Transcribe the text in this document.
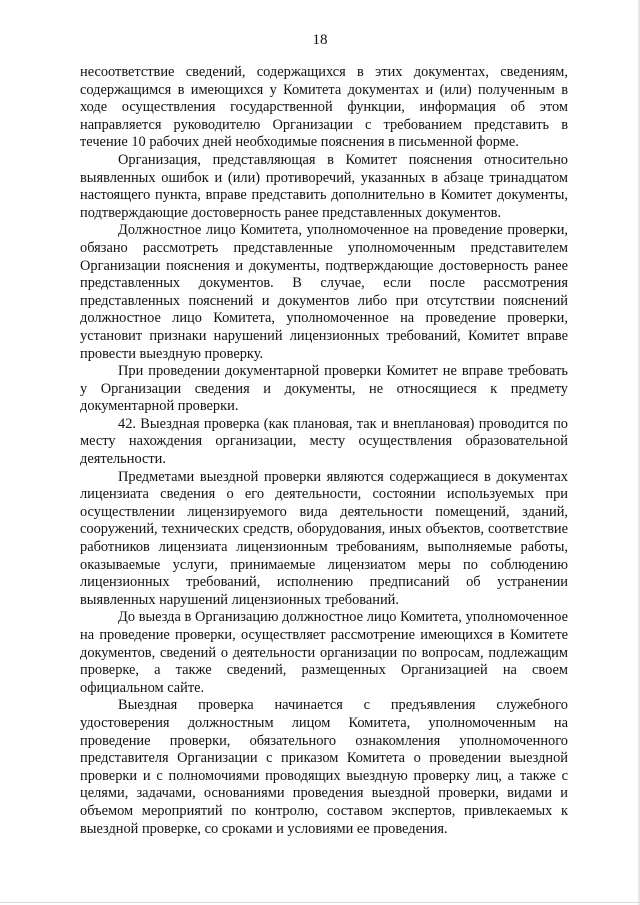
18

несоответствие сведений, содержащихся в этих документах, сведениям, содержащимся в имеющихся у Комитета документах и (или) полученным в ходе осуществления государственной функции, информация об этом направляется руководителю Организации с требованием представить в течение 10 рабочих дней необходимые пояснения в письменной форме.

Организация, представляющая в Комитет пояснения относительно выявленных ошибок и (или) противоречий, указанных в абзаце тринадцатом настоящего пункта, вправе представить дополнительно в Комитет документы, подтверждающие достоверность ранее представленных документов.

Должностное лицо Комитета, уполномоченное на проведение проверки, обязано рассмотреть представленные уполномоченным представителем Организации пояснения и документы, подтверждающие достоверность ранее представленных документов. В случае, если после рассмотрения представленных пояснений и документов либо при отсутствии пояснений должностное лицо Комитета, уполномоченное на проведение проверки, установит признаки нарушений лицензионных требований, Комитет вправе провести выездную проверку.

При проведении документарной проверки Комитет не вправе требовать у Организации сведения и документы, не относящиеся к предмету документарной проверки.

42. Выездная проверка (как плановая, так и внеплановая) проводится по месту нахождения организации, месту осуществления образовательной деятельности.

Предметами выездной проверки являются содержащиеся в документах лицензиата сведения о его деятельности, состоянии используемых при осуществлении лицензируемого вида деятельности помещений, зданий, сооружений, технических средств, оборудования, иных объектов, соответствие работников лицензиата лицензионным требованиям, выполняемые работы, оказываемые услуги, принимаемые лицензиатом меры по соблюдению лицензионных требований, исполнению предписаний об устранении выявленных нарушений лицензионных требований.

До выезда в Организацию должностное лицо Комитета, уполномоченное на проведение проверки, осуществляет рассмотрение имеющихся в Комитете документов, сведений о деятельности организации по вопросам, подлежащим проверке, а также сведений, размещенных Организацией на своем официальном сайте.

Выездная проверка начинается с предъявления служебного удостоверения должностным лицом Комитета, уполномоченным на проведение проверки, обязательного ознакомления уполномоченного представителя Организации с приказом Комитета о проведении выездной проверки и с полномочиями проводящих выездную проверку лиц, а также с целями, задачами, основаниями проведения выездной проверки, видами и объемом мероприятий по контролю, составом экспертов, привлекаемых к выездной проверке, со сроками и условиями ее проведения.
